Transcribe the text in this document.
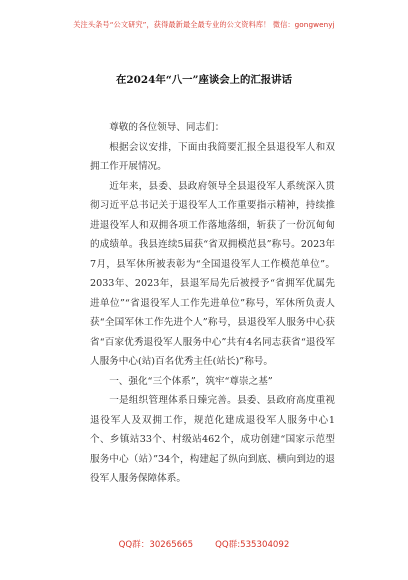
关注头条号“公文研究”，获得最新最全最专业的公文资料库！ 微信：gongwenyj
在2024年“八一”座谈会上的汇报讲话

尊敬的各位领导、同志们：

根据会议安排，下面由我简要汇报全县退役军人和双拥工作开展情况。

近年来，县委、县政府领导全县退役军人系统深入贯彻习近平总书记关于退役军人工作重要指示精神，持续推进退役军人和双拥各项工作落地落细，斩获了一份沉甸甸的成绩单。我县连续5届获“省双拥模范县”称号。2023年7月，县军休所被表彰为“全国退役军人工作模范单位”。2033年、2023年，县退军局先后被授予“省拥军优属先进单位”“省退役军人工作先进单位”称号，军休所负责人获“全国军休工作先进个人”称号，县退役军人服务中心获省“百家优秀退役军人服务中心”共有4名同志获省“退役军人服务中心(站)百名优秀主任(站长)”称号。

一、强化“三个体系”，筑牢“尊崇之基”

一是组织管理体系日臻完善。县委、县政府高度重视退役军人及双拥工作，规范化建成退役军人服务中心1个、乡镇站33个、村级站462个，成功创建“国家示范型服务中心（站）”34个，构建起了纵向到底、横向到边的退役军人服务保障体系。

QQ群：30265665	QQ群:535304092
